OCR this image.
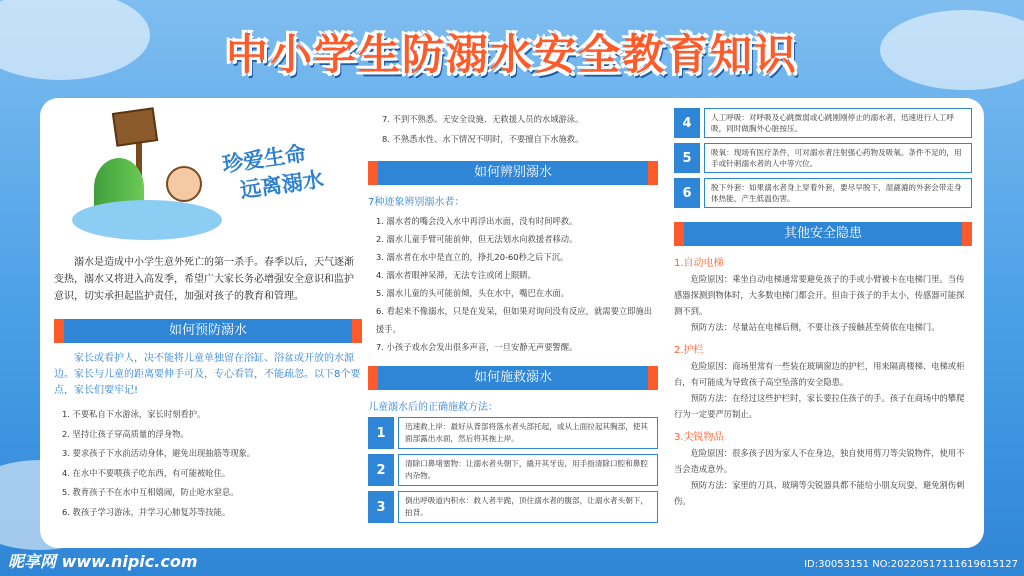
中小学生防溺水安全教育知识
珍爱生命
远离溺水
溺水是造成中小学生意外死亡的第一杀手。春季以后，天气逐渐变热，溺水又将进入高发季，希望广大家长务必增强安全意识和监护意识，切实承担起监护责任，加强对孩子的教育和管理。
如何预防溺水
家长或看护人，决不能将儿童单独留在浴缸、浴盆或开放的水源边。家长与儿童的距离要伸手可及，专心看管，不能疏忽。以下8个要点，家长们要牢记!
1. 不要私自下水游泳，家长时刻看护。
2. 坚持让孩子穿高质量的浮身物。
3. 要求孩子下水前活动身体，避免出现抽筋等现象。
4. 在水中不要喂孩子吃东西，有可能被呛住。
5. 教育孩子不在水中互相嬉闹，防止呛水窒息。
6. 教孩子学习游泳，并学习心肺复苏等技能。
7. 不到不熟悉、无安全设施、无救援人员的水域游泳。
8. 不熟悉水性、水下情况不明时，不要擅自下水施救。
如何辨别溺水
7种迹象辨别溺水者：
1. 溺水者的嘴会没入水中再浮出水面，没有时间呼救。
2. 溺水儿童手臂可能前伸，但无法划水向救援者移动。
3. 溺水者在水中是直立的，挣扎20-60秒之后下沉。
4. 溺水者眼神呆滞，无法专注或闭上眼睛。
5. 溺水儿童的头可能前倾，头在水中，嘴巴在水面。
6. 看起来不像溺水，只是在发呆，但如果对询问没有反应，就需要立即施出援手。
7. 小孩子戏水会发出很多声音，一旦安静无声要警醒。
如何施救溺水
儿童溺水后的正确施救方法：
1	迅速救上岸：最好从背部将落水者头部托起，或从上面拉起其胸部，使其面部露出水面，然后将其拖上岸。
2	清除口鼻堵塞物：让溺水者头朝下，撬开其牙齿，用手指清除口腔和鼻腔内杂物。
3	倒出呼吸道内积水：救人者半跪，顶住溺水者的腹部，让溺水者头朝下，拍背。
4	人工呼吸：对呼吸及心跳微弱或心跳刚刚停止的溺水者，迅速进行人工呼吸，同时做胸外心脏按压。
5	吸氧：现场有医疗条件，可对溺水者注射强心药物及吸氧。条件不足的，用手或针刺溺水者的人中等穴位。
6	脱下外套：如果溺水者身上穿着外套，要尽早脱下，湿漉漉的外套会带走身体热能，产生低温伤害。
其他安全隐患
1.自动电梯
危险原因：乘坐自动电梯通常要避免孩子的手或小臂被卡在电梯门里。当传感器探测到物体时，大多数电梯门都会开。但由于孩子的手太小，传感器可能探测不到。
预防方法：尽量站在电梯后侧，不要让孩子接触甚至倚依在电梯门。
2.护栏
危险原因：商场里常有一些装在玻璃窗边的护栏，用来隔离楼梯、电梯或柜台，有可能成为导致孩子高空坠落的安全隐患。
预防方法：在经过这些护栏时，家长要拉住孩子的手。孩子在商场中的攀爬行为一定要严厉制止。
3.尖锐物品
危险原因：很多孩子因为家人不在身边，独自使用剪刀等尖锐物件，使用不当会造成意外。
预防方法：家里的刀具、玻璃等尖锐器具都不能给小朋友玩耍，避免割伤刺伤。
昵享网 www.nipic.com	ID:30053151 NO:20220517111619615127
